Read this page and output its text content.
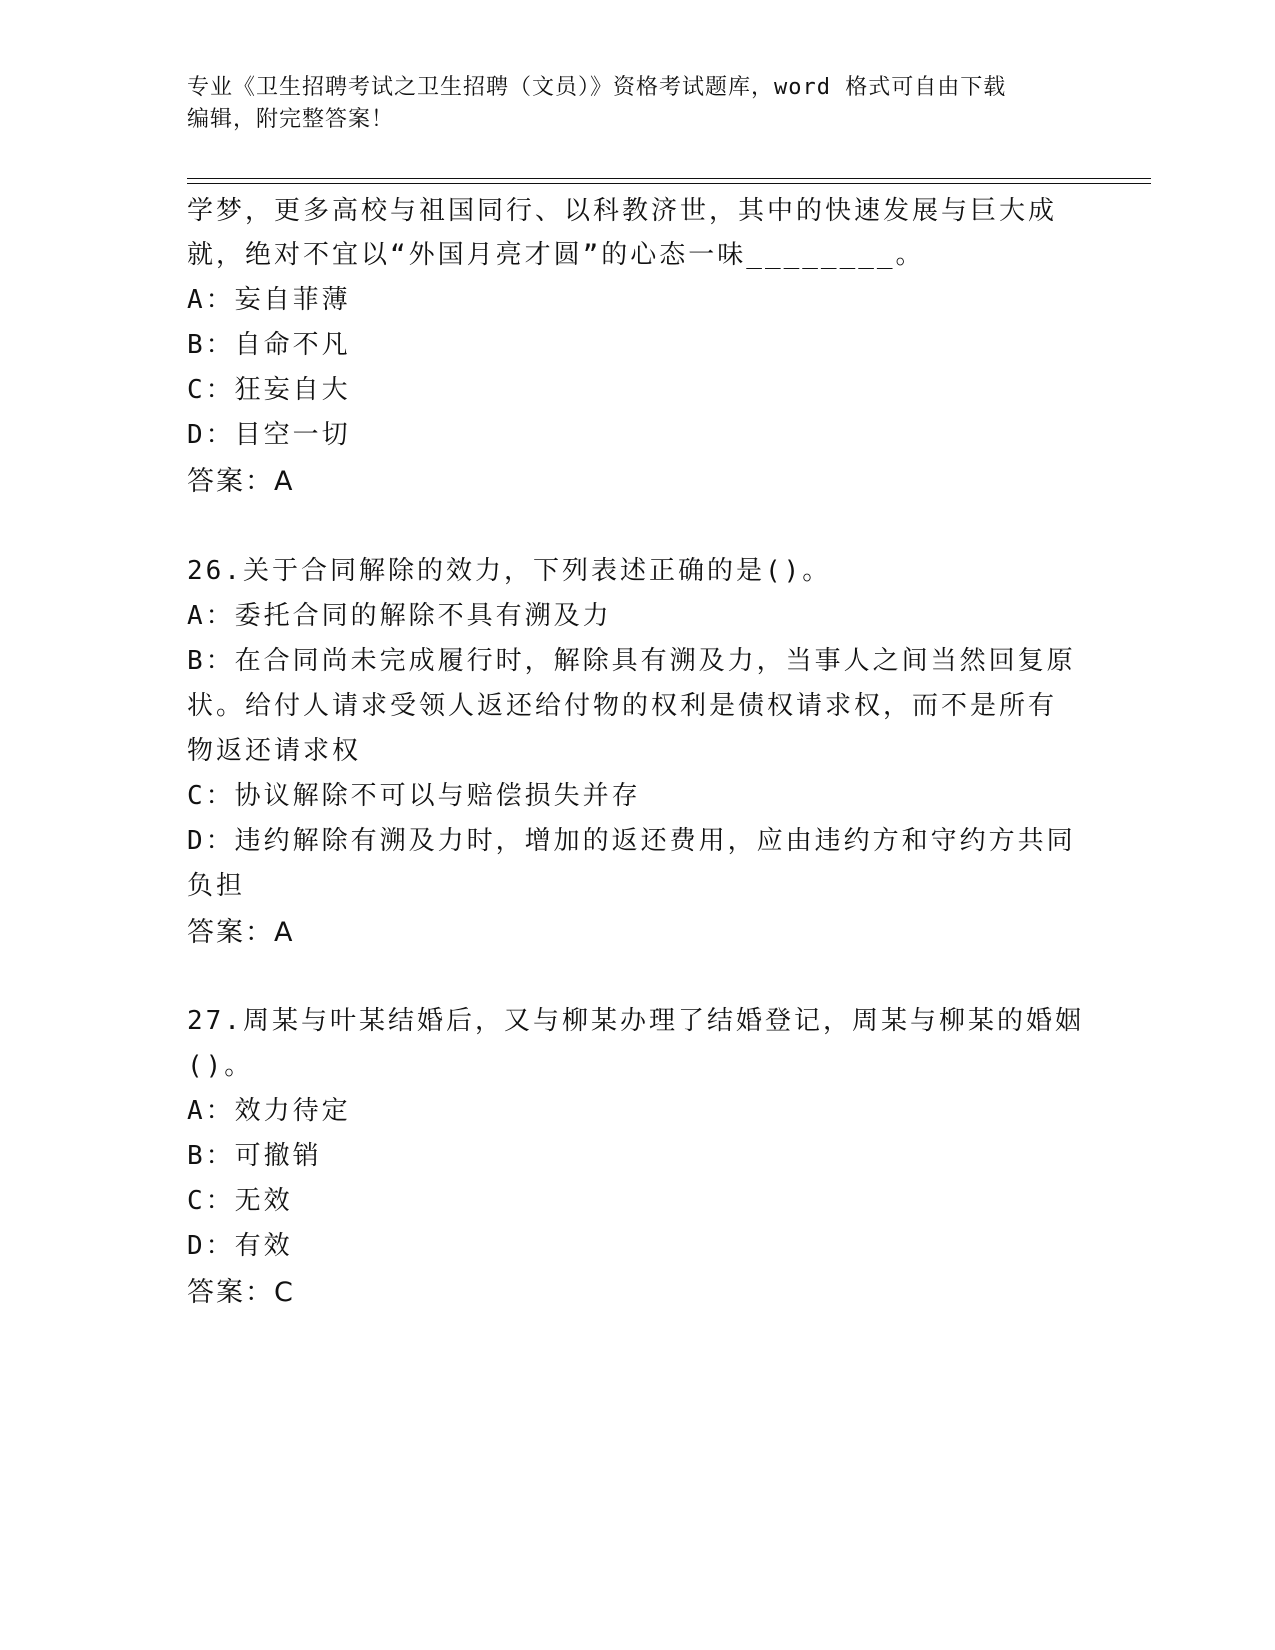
专业《卫生招聘考试之卫生招聘（文员）》资格考试题库，word 格式可自由下载
编辑，附完整答案！
学梦，更多高校与祖国同行、以科教济世，其中的快速发展与巨大成
就，绝对不宜以“外国月亮才圆”的心态一味________。
A：妄自菲薄
B：自命不凡
C：狂妄自大
D：目空一切
答案：A
26.关于合同解除的效力，下列表述正确的是()。
A：委托合同的解除不具有溯及力
B：在合同尚未完成履行时，解除具有溯及力，当事人之间当然回复原
状。给付人请求受领人返还给付物的权利是债权请求权，而不是所有
物返还请求权
C：协议解除不可以与赔偿损失并存
D：违约解除有溯及力时，增加的返还费用，应由违约方和守约方共同
负担
答案：A
27.周某与叶某结婚后，又与柳某办理了结婚登记，周某与柳某的婚姻
()。
A：效力待定
B：可撤销
C：无效
D：有效
答案：C
